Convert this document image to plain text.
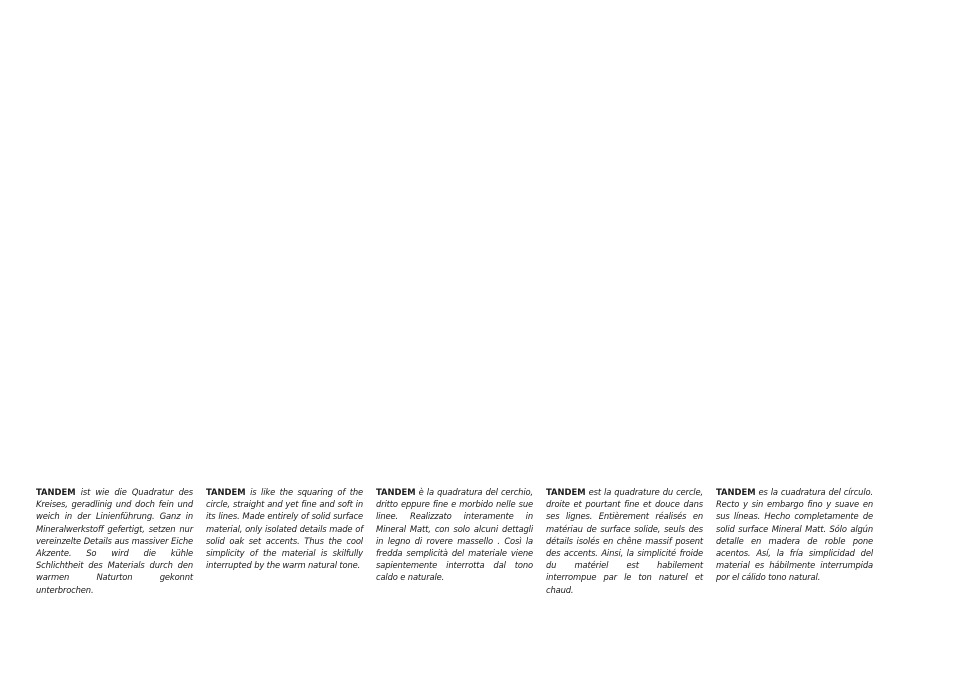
TANDEM ist wie die Quadratur des Kreises, geradlinig und doch fein und weich in der Linienführung. Ganz in Mineralwerkstoff gefertigt, setzen nur vereinzelte Details aus massiver Eiche Akzente. So wird die kühle Schlichtheit des Materials durch den warmen Naturton gekonnt unterbrochen.

TANDEM is like the squaring of the circle, straight and yet fine and soft in its lines. Made entirely of solid surface material, only isolated details made of solid oak set accents. Thus the cool simplicity of the material is skilfully interrupted by the warm natural tone.

TANDEM è la quadratura del cerchio, dritto eppure fine e morbido nelle sue linee. Realizzato interamente in Mineral Matt, con solo alcuni dettagli in legno di rovere massello . Così la fredda semplicità del materiale viene sapientemente interrotta dal tono caldo e naturale.

TANDEM est la quadrature du cercle, droite et pourtant fine et douce dans ses lignes. Entièrement réalisés en matériau de surface solide, seuls des détails isolés en chêne massif posent des accents. Ainsi, la simplicité froide du matériel est habilement interrompue par le ton naturel et chaud.

TANDEM es la cuadratura del círculo. Recto y sin embargo fino y suave en sus líneas. Hecho completamente de solid surface Mineral Matt. Sólo algún detalle en madera de roble pone acentos. Así, la fría simplicidad del material es hábilmente interrumpida por el cálido tono natural.
